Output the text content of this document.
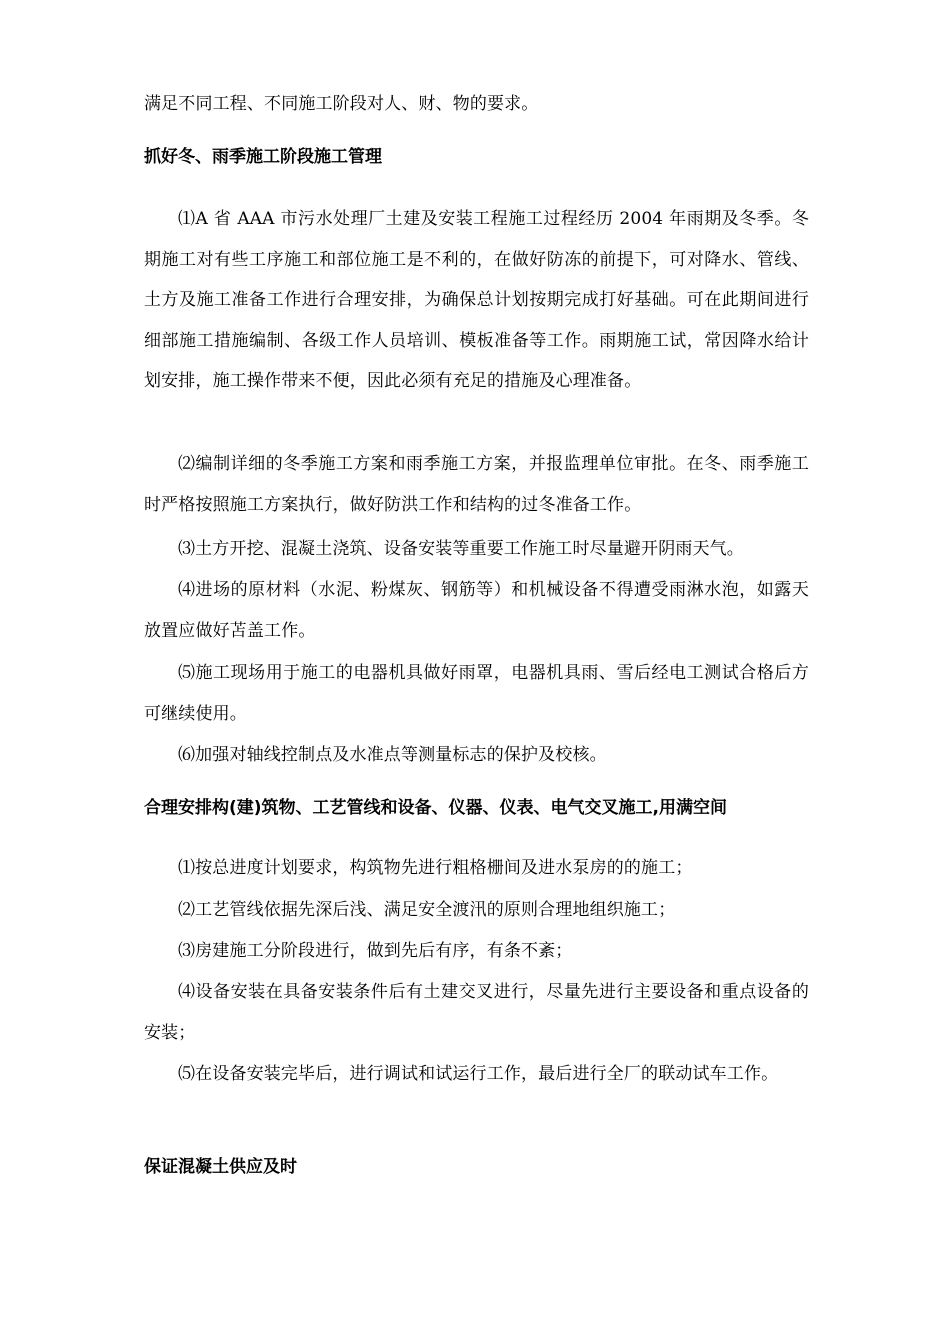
满足不同工程、不同施工阶段对人、财、物的要求。

抓好冬、雨季施工阶段施工管理

⑴A 省 AAA 市污水处理厂土建及安装工程施工过程经历 2004 年雨期及冬季。冬期施工对有些工序施工和部位施工是不利的，在做好防冻的前提下，可对降水、管线、土方及施工准备工作进行合理安排，为确保总计划按期完成打好基础。可在此期间进行细部施工措施编制、各级工作人员培训、模板准备等工作。雨期施工试，常因降水给计划安排，施工操作带来不便，因此必须有充足的措施及心理准备。

⑵编制详细的冬季施工方案和雨季施工方案，并报监理单位审批。在冬、雨季施工时严格按照施工方案执行，做好防洪工作和结构的过冬准备工作。

⑶土方开挖、混凝土浇筑、设备安装等重要工作施工时尽量避开阴雨天气。

⑷进场的原材料（水泥、粉煤灰、钢筋等）和机械设备不得遭受雨淋水泡，如露天放置应做好苫盖工作。

⑸施工现场用于施工的电器机具做好雨罩，电器机具雨、雪后经电工测试合格后方可继续使用。

⑹加强对轴线控制点及水准点等测量标志的保护及校核。

合理安排构(建)筑物、工艺管线和设备、仪器、仪表、电气交叉施工,用满空间

⑴按总进度计划要求，构筑物先进行粗格栅间及进水泵房的的施工；

⑵工艺管线依据先深后浅、满足安全渡汛的原则合理地组织施工；

⑶房建施工分阶段进行，做到先后有序，有条不紊；

⑷设备安装在具备安装条件后有土建交叉进行，尽量先进行主要设备和重点设备的安装；

⑸在设备安装完毕后，进行调试和试运行工作，最后进行全厂的联动试车工作。

保证混凝土供应及时
